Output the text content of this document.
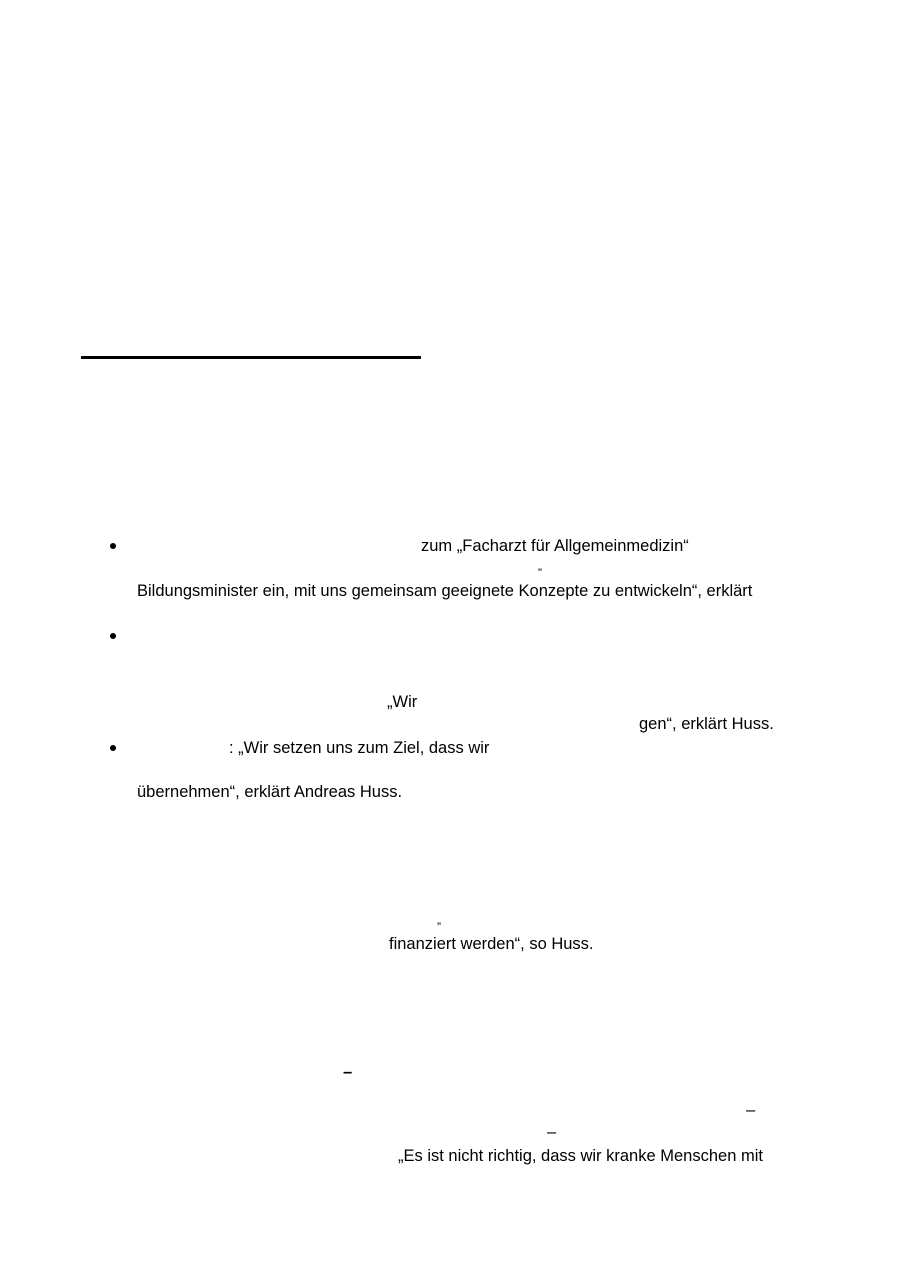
zum „Facharzt für Allgemeinmedizin“
”
Bildungsminister ein, mit uns gemeinsam geeignete Konzepte zu entwickeln“, erklärt
„Wir
gen“, erklärt Huss.
: „Wir setzen uns zum Ziel, dass wir
übernehmen“, erklärt Andreas Huss.
”
finanziert werden“, so Huss.
–
–
–
„Es ist nicht richtig, dass wir kranke Menschen mit
